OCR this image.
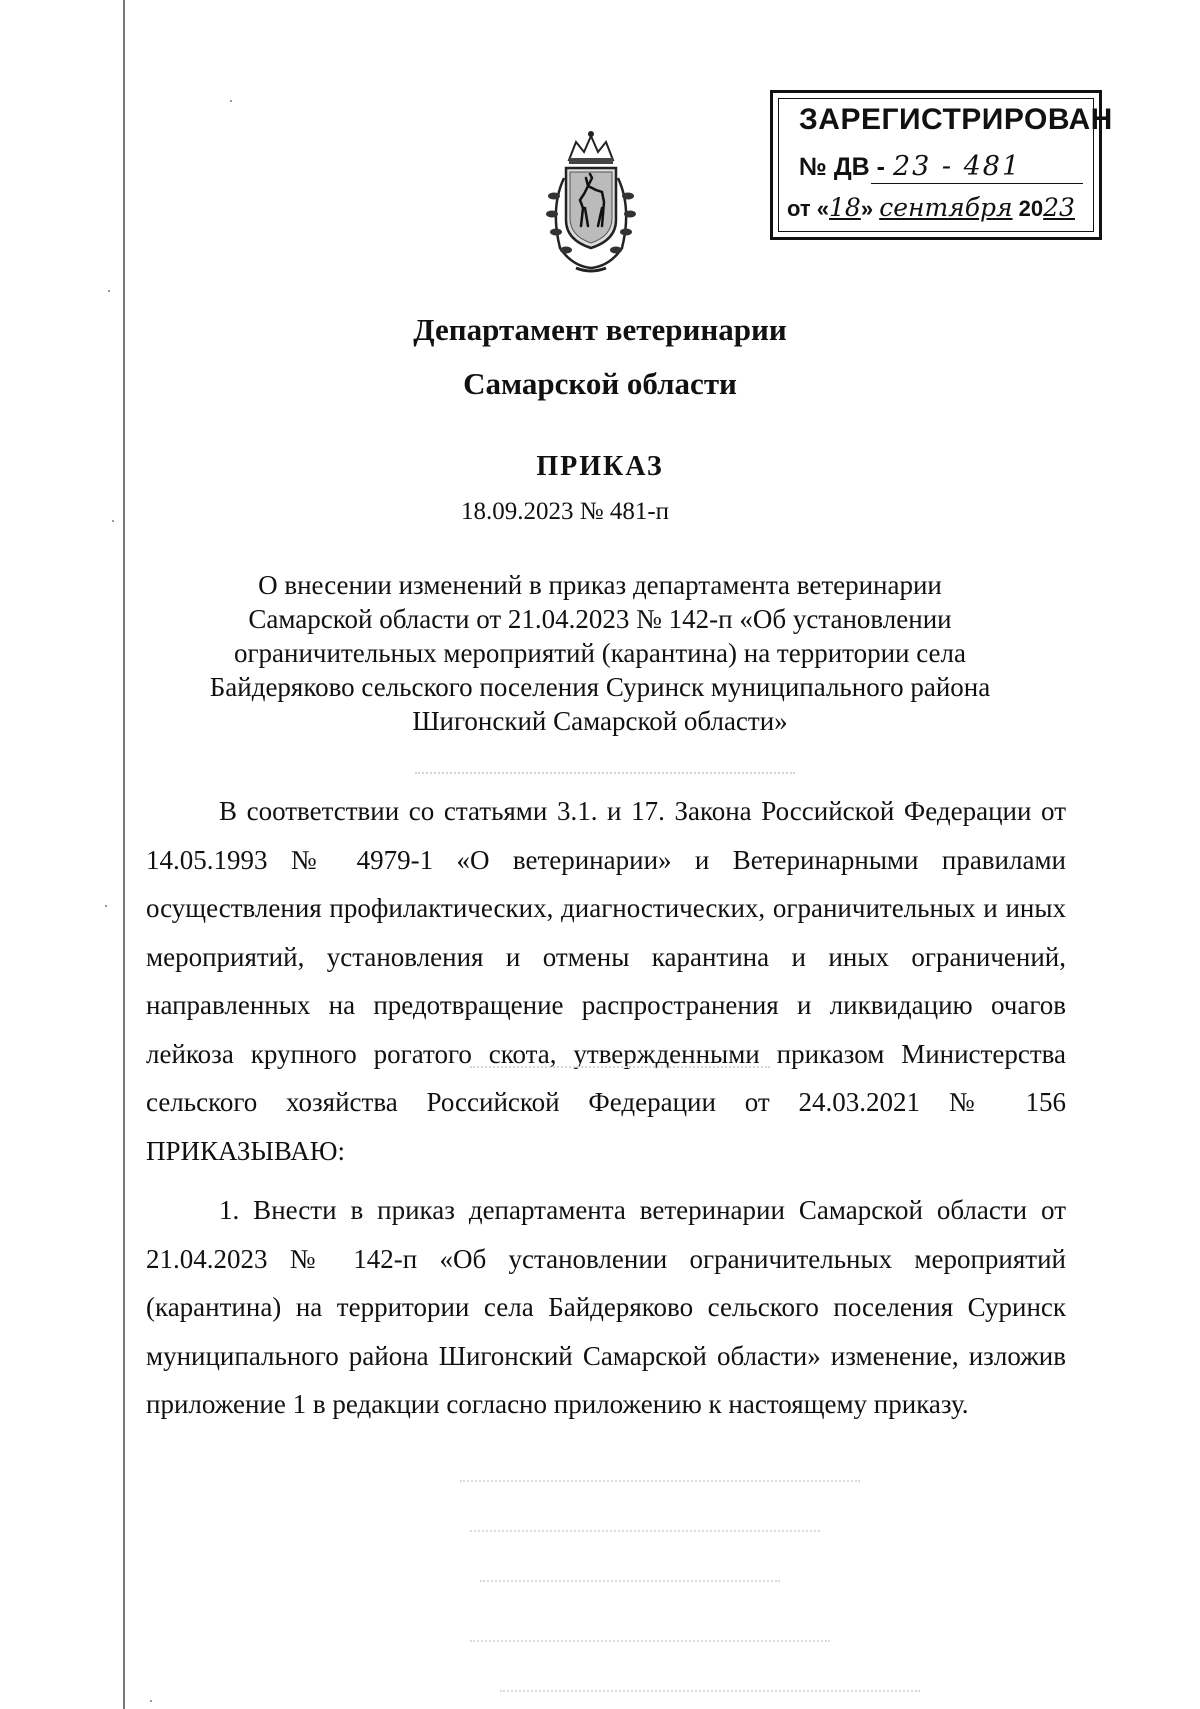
ЗАРЕГИСТРИРОВАН
№ ДВ - 23 - 481
от «18» сентября 2023
Департамент ветеринарии
Самарской области
ПРИКАЗ
18.09.2023 № 481-п
О внесении изменений в приказ департамента ветеринарии
Самарской области от 21.04.2023 № 142-п «Об установлении
ограничительных мероприятий (карантина) на территории села
Байдеряково сельского поселения Суринск муниципального района
Шигонский Самарской области»

В соответствии со статьями 3.1. и 17. Закона Российской Федерации от 14.05.1993 № 4979-1 «О ветеринарии» и Ветеринарными правилами осуществления профилактических, диагностических, ограничительных и иных мероприятий, установления и отмены карантина и иных ограничений, направленных на предотвращение распространения и ликвидацию очагов лейкоза крупного рогатого скота, утвержденными приказом Министерства сельского хозяйства Российской Федерации от 24.03.2021 № 156 ПРИКАЗЫВАЮ:

1. Внести в приказ департамента ветеринарии Самарской области от 21.04.2023 № 142-п «Об установлении ограничительных мероприятий (карантина) на территории села Байдеряково сельского поселения Суринск муниципального района Шигонский Самарской области» изменение, изложив приложение 1 в редакции согласно приложению к настоящему приказу.
